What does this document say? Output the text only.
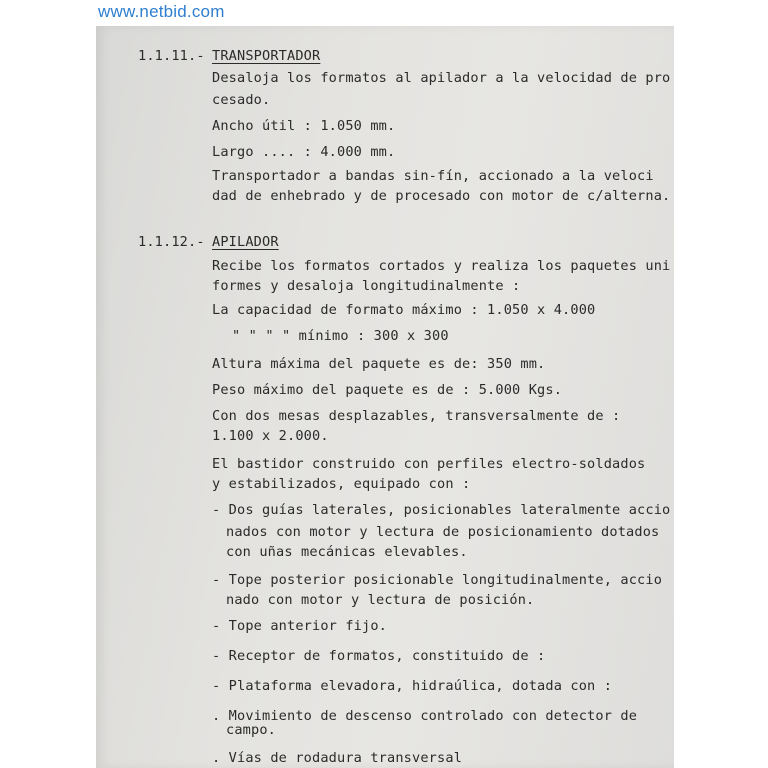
www.netbid.com
1.1.11.- TRANSPORTADOR
Desaloja los formatos al apilador a la velocidad de pro
cesado.
Ancho útil : 1.050 mm.
Largo .... : 4.000 mm.
Transportador a bandas sin-fín, accionado a la veloci
dad de enhebrado y de procesado con motor de c/alterna.
1.1.12.- APILADOR
Recibe los formatos cortados y realiza los paquetes uni
formes y desaloja longitudinalmente :
La capacidad de formato máximo : 1.050 x 4.000
" " " " mínimo : 300 x 300
Altura máxima del paquete es de: 350 mm.
Peso máximo del paquete es de : 5.000 Kgs.
Con dos mesas desplazables, transversalmente de :
1.100 x 2.000.
El bastidor construido con perfiles electro-soldados
y estabilizados, equipado con :
- Dos guías laterales, posicionables lateralmente accio
nados con motor y lectura de posicionamiento dotados
con uñas mecánicas elevables.
- Tope posterior posicionable longitudinalmente, accio
nado con motor y lectura de posición.
- Tope anterior fijo.
- Receptor de formatos, constituido de :
- Plataforma elevadora, hidraúlica, dotada con :
. Movimiento de descenso controlado con detector de
campo.
. Vías de rodadura transversal
